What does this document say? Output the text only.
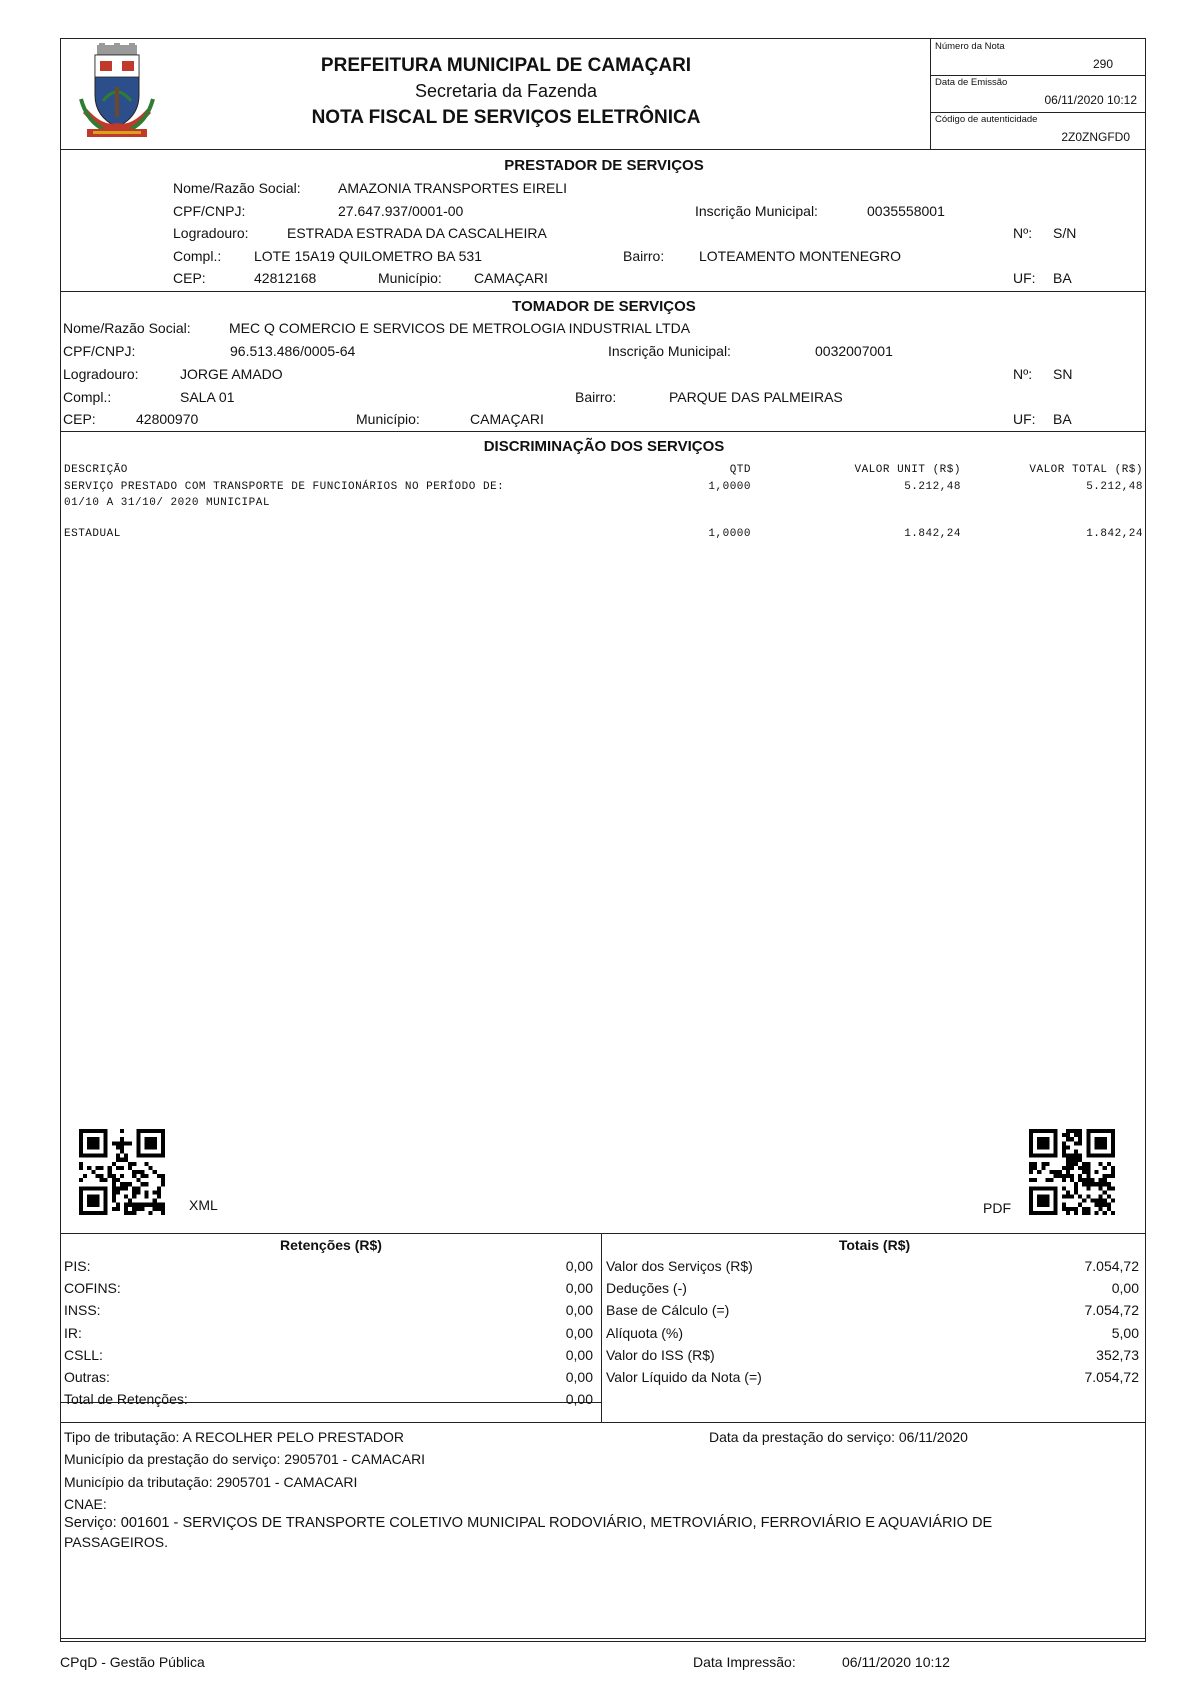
PREFEITURA MUNICIPAL DE CAMAÇARI
Secretaria da Fazenda
NOTA FISCAL DE SERVIÇOS ELETRÔNICA
Número da Nota
290
Data de Emissão
06/11/2020 10:12
Código de autenticidade
2Z0ZNGFD0
PRESTADOR DE SERVIÇOS
Nome/Razão Social:	AMAZONIA TRANSPORTES EIRELI
CPF/CNPJ:	27.647.937/0001-00	Inscrição Municipal:	0035558001
Logradouro:	ESTRADA ESTRADA DA CASCALHEIRA	Nº: S/N
Compl.: LOTE 15A19 QUILOMETRO BA 531	Bairro: LOTEAMENTO MONTENEGRO
CEP:	42812168	Município: CAMAÇARI	UF: BA
TOMADOR DE SERVIÇOS
Nome/Razão Social:	MEC Q COMERCIO E SERVICOS DE METROLOGIA INDUSTRIAL LTDA
CPF/CNPJ:	96.513.486/0005-64	Inscrição Municipal:	0032007001
Logradouro:	JORGE AMADO	Nº: SN
Compl.:	SALA 01	Bairro:	PARQUE DAS PALMEIRAS
CEP:	42800970	Município:	CAMAÇARI	UF: BA
DISCRIMINAÇÃO DOS SERVIÇOS
DESCRIÇÃO	QTD	VALOR UNIT (R$)	VALOR TOTAL (R$)
SERVIÇO PRESTADO COM TRANSPORTE DE FUNCIONÁRIOS NO PERÍODO DE:
01/10 A 31/10/ 2020 MUNICIPAL
1,0000	5.212,48	5.212,48
ESTADUAL	1,0000	1.842,24	1.842,24
XML	PDF
Retenções (R$)	Totais (R$)
Tipo de tributação: A RECOLHER PELO PRESTADOR	Data da prestação do serviço: 06/11/2020
Município da prestação do serviço: 2905701 - CAMACARI
Município da tributação: 2905701 - CAMACARI
CNAE:
Serviço: 001601 - SERVIÇOS DE TRANSPORTE COLETIVO MUNICIPAL RODOVIÁRIO, METROVIÁRIO, FERROVIÁRIO E AQUAVIÁRIO DE
PASSAGEIROS.
PIS:	0,00
COFINS:	0,00
INSS:	0,00
IR:	0,00
CSLL:	0,00
Outras:	0,00
Total de Retenções:	0,00
Valor dos Serviços (R$)	7.054,72
Deduções (-)	0,00
Base de Cálculo (=)	7.054,72
Alíquota (%)	5,00
Valor do ISS (R$)	352,73
Valor Líquido da Nota (=)	7.054,72
CPqD - Gestão Pública	Data Impressão:	06/11/2020 10:12
